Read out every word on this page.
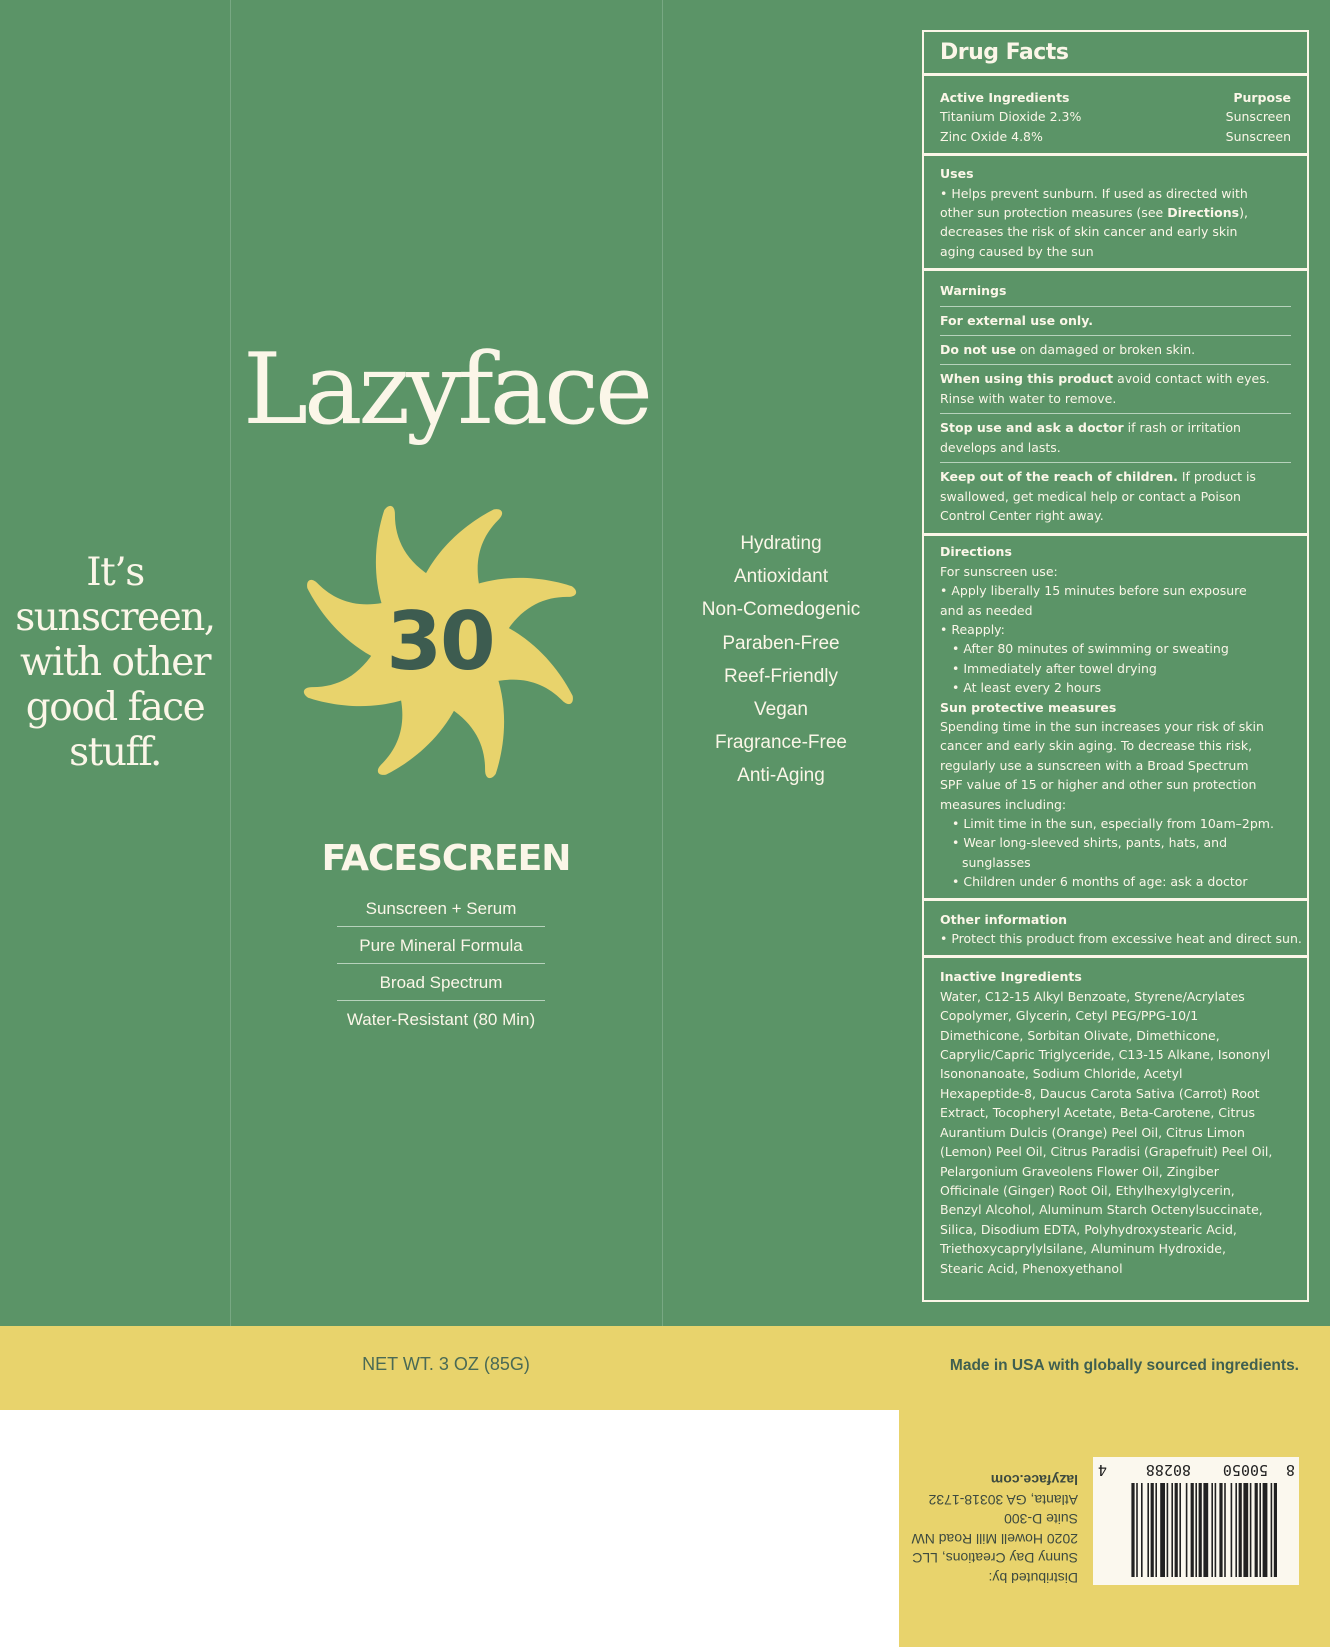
It’s
sunscreen,
with other
good face
stuff.
Lazyface
30
FACESCREEN
Sunscreen + Serum
Pure Mineral Formula
Broad Spectrum
Water-Resistant (80 Min)
Hydrating
Antioxidant
Non-Comedogenic
Paraben-Free
Reef-Friendly
Vegan
Fragrance-Free
Anti-Aging
Drug Facts
Active Ingredients	Purpose
Titanium Dioxide 2.3%	Sunscreen
Zinc Oxide 4.8%	Sunscreen
Uses
• Helps prevent sunburn. If used as directed with
other sun protection measures (see Directions),
decreases the risk of skin cancer and early skin
aging caused by the sun
Warnings
For external use only.
Do not use on damaged or broken skin.
When using this product avoid contact with eyes.
Rinse with water to remove.
Stop use and ask a doctor if rash or irritation
develops and lasts.
Keep out of the reach of children. If product is
swallowed, get medical help or contact a Poison
Control Center right away.
Directions
For sunscreen use:
• Apply liberally 15 minutes before sun exposure
and as needed
• Reapply:
• After 80 minutes of swimming or sweating
• Immediately after towel drying
• At least every 2 hours
Sun protective measures
Spending time in the sun increases your risk of skin
cancer and early skin aging. To decrease this risk,
regularly use a sunscreen with a Broad Spectrum
SPF value of 15 or higher and other sun protection
measures including:
• Limit time in the sun, especially from 10am–2pm.
• Wear long-sleeved shirts, pants, hats, and
sunglasses
• Children under 6 months of age: ask a doctor
Other information
• Protect this product from excessive heat and direct sun.
Inactive Ingredients
Water, C12-15 Alkyl Benzoate, Styrene/Acrylates
Copolymer, Glycerin, Cetyl PEG/PPG-10/1
Dimethicone, Sorbitan Olivate, Dimethicone,
Caprylic/Capric Triglyceride, C13-15 Alkane, Isononyl
Isononanoate, Sodium Chloride, Acetyl
Hexapeptide-8, Daucus Carota Sativa (Carrot) Root
Extract, Tocopheryl Acetate, Beta-Carotene, Citrus
Aurantium Dulcis (Orange) Peel Oil, Citrus Limon
(Lemon) Peel Oil, Citrus Paradisi (Grapefruit) Peel Oil,
Pelargonium Graveolens Flower Oil, Zingiber
Officinale (Ginger) Root Oil, Ethylhexylglycerin,
Benzyl Alcohol, Aluminum Starch Octenylsuccinate,
Silica, Disodium EDTA, Polyhydroxystearic Acid,
Triethoxycaprylylsilane, Aluminum Hydroxide,
Stearic Acid, Phenoxyethanol
NET WT. 3 OZ (85G)	Made in USA with globally sourced ingredients.
8
50050
80288
4
Distributed by:
Sunny Day Creations, LLC
2020 Howell Mill Road NW
Suite D-300
Atlanta, GA 30318-1732
lazyface.com
